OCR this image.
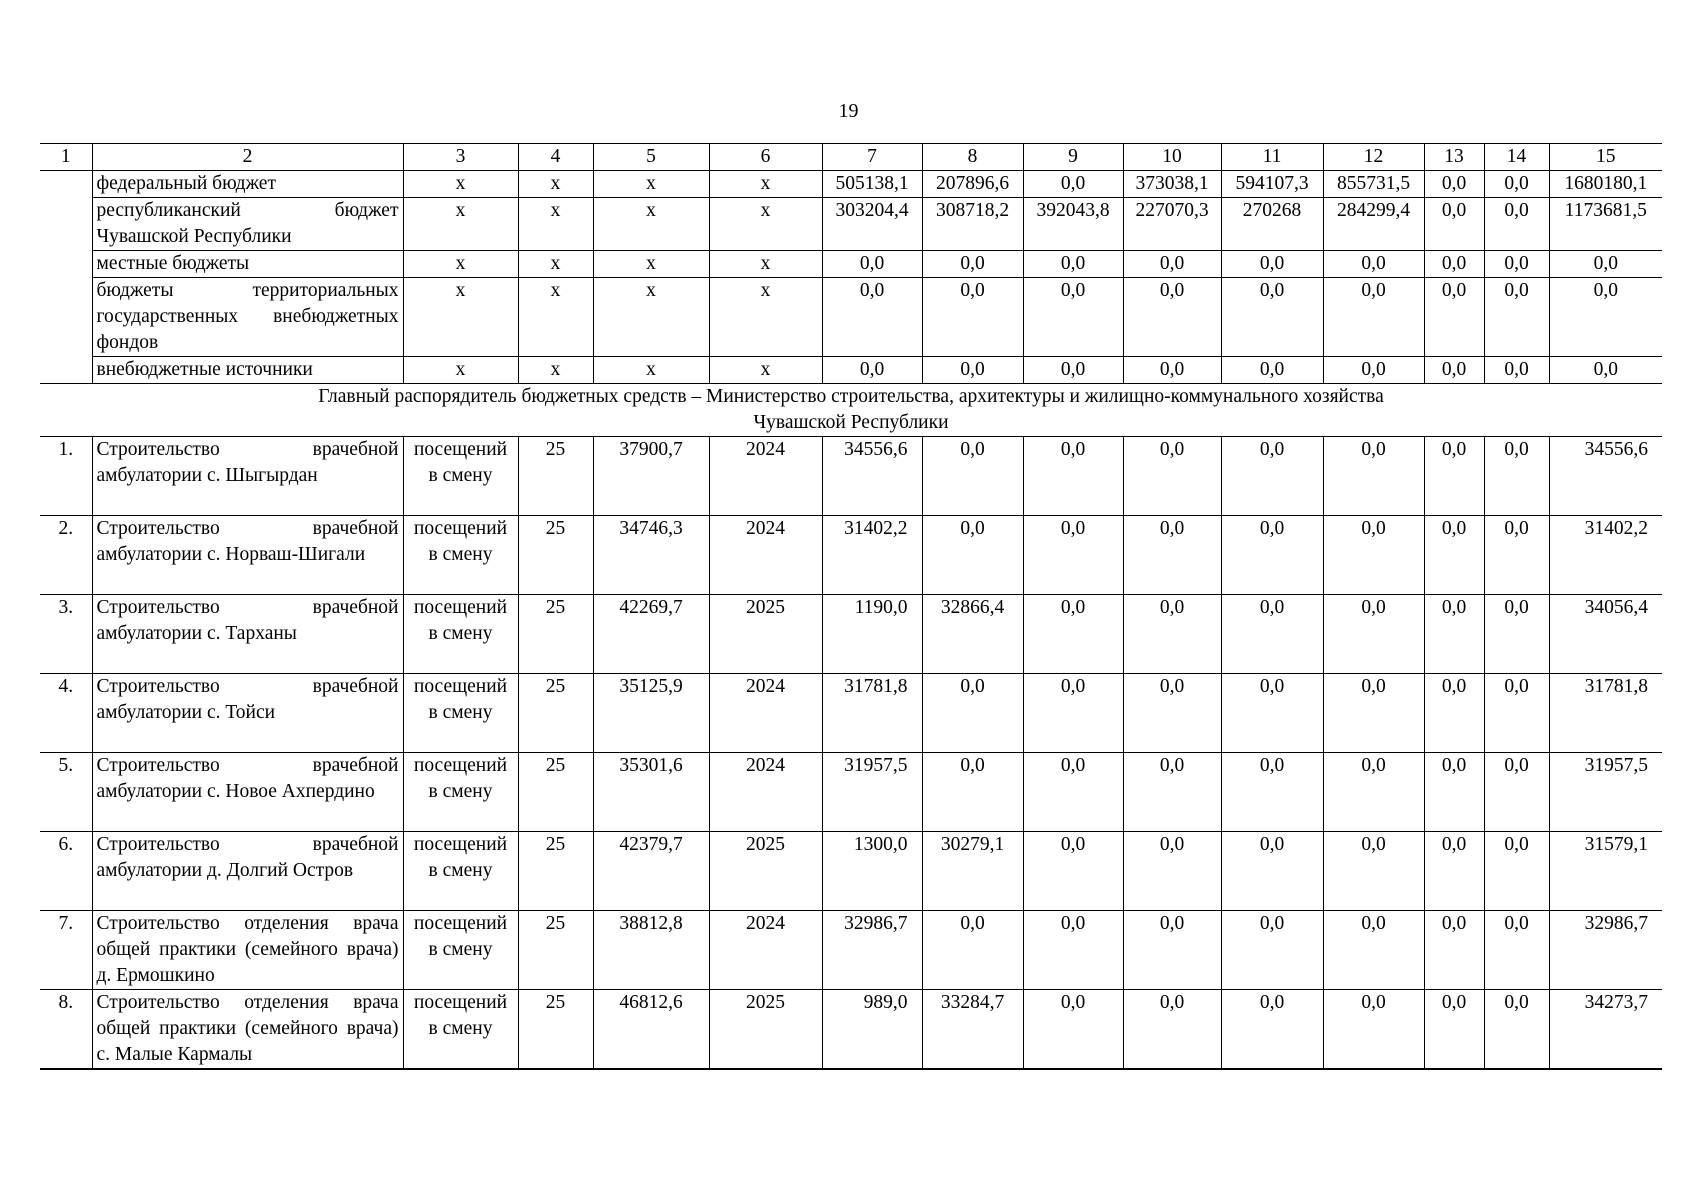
19
1	2	3	4	5	6	7	8	9	10	11	12	13	14	15
	федеральный бюджет	x	x	x	x	505138,1	207896,6	0,0	373038,1	594107,3	855731,5	0,0	0,0	1680180,1
	республиканский бюджет Чувашской Республики	x	x	x	x	303204,4	308718,2	392043,8	227070,3	270268	284299,4	0,0	0,0	1173681,5
	местные бюджеты	x	x	x	x	0,0	0,0	0,0	0,0	0,0	0,0	0,0	0,0	0,0
	бюджеты территориальных государственных внебюджетных фондов	x	x	x	x	0,0	0,0	0,0	0,0	0,0	0,0	0,0	0,0	0,0
	внебюджетные источники	x	x	x	x	0,0	0,0	0,0	0,0	0,0	0,0	0,0	0,0	0,0

Главный распорядитель бюджетных средств – Министерство строительства, архитектуры и жилищно-коммунального хозяйства
Чувашской Республики														

1.	Строительство врачебной амбулатории с. Шыгырдан	посещений в смену	25	37900,7	2024	34556,6	0,0	0,0	0,0	0,0	0,0	0,0	0,0	34556,6
2.	Строительство врачебной амбулатории с. Норваш-Шигали	посещений в смену	25	34746,3	2024	31402,2	0,0	0,0	0,0	0,0	0,0	0,0	0,0	31402,2
3.	Строительство врачебной амбулатории с. Тарханы	посещений в смену	25	42269,7	2025	1190,0	32866,4	0,0	0,0	0,0	0,0	0,0	0,0	34056,4
4.	Строительство врачебной амбулатории с. Тойси	посещений в смену	25	35125,9	2024	31781,8	0,0	0,0	0,0	0,0	0,0	0,0	0,0	31781,8
5.	Строительство врачебной амбулатории с. Новое Ахпердино	посещений в смену	25	35301,6	2024	31957,5	0,0	0,0	0,0	0,0	0,0	0,0	0,0	31957,5
6.	Строительство врачебной амбулатории д. Долгий Остров	посещений в смену	25	42379,7	2025	1300,0	30279,1	0,0	0,0	0,0	0,0	0,0	0,0	31579,1
7.	Строительство отделения врача общей практики (семейного врача) д. Ермошкино	посещений в смену	25	38812,8	2024	32986,7	0,0	0,0	0,0	0,0	0,0	0,0	0,0	32986,7
8.	Строительство отделения врача общей практики (семейного врача) с. Малые Кармалы	посещений в смену	25	46812,6	2025	989,0	33284,7	0,0	0,0	0,0	0,0	0,0	0,0	34273,7
